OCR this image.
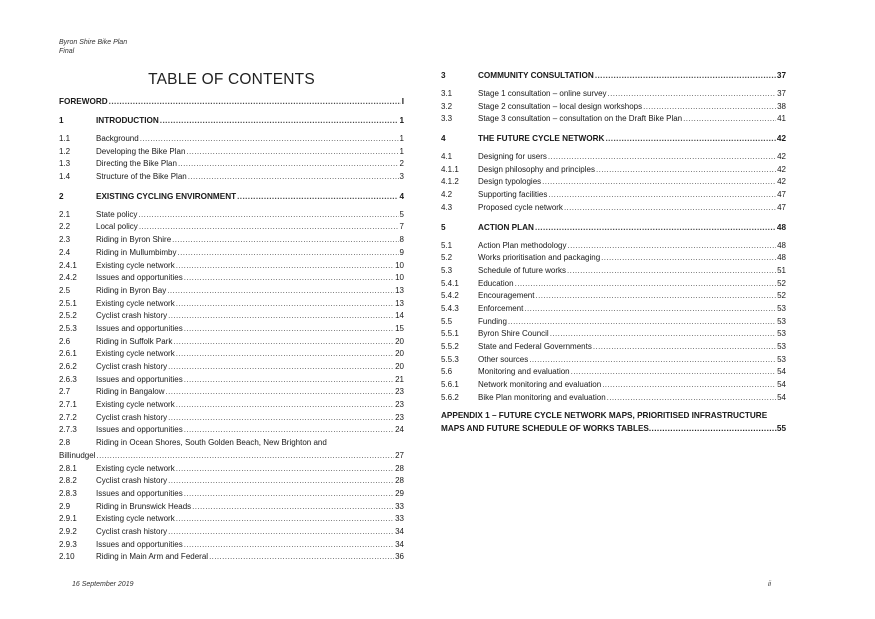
Byron Shire Bike Plan
Final
TABLE OF CONTENTS
FOREWORD .....	I
1	INTRODUCTION .....	1
1.1	Background .....	1
1.2	Developing the Bike Plan .....	1
1.3	Directing the Bike Plan .....	2
1.4	Structure of the Bike Plan .....	3
2	EXISTING CYCLING ENVIRONMENT .....	4
2.1	State policy .....	5
2.2	Local policy .....	7
2.3	Riding in Byron Shire .....	8
2.4	Riding in Mullumbimby .....	9
2.4.1 Existing cycle network .....	10
2.4.2 Issues and opportunities .....	10
2.5	Riding in Byron Bay .....	13
2.5.1 Existing cycle network .....	13
2.5.2 Cyclist crash history .....	14
2.5.3 Issues and opportunities .....	15
2.6	Riding in Suffolk Park .....	20
2.6.1 Existing cycle network .....	20
2.6.2 Cyclist crash history .....	20
2.6.3 Issues and opportunities .....	21
2.7	Riding in Bangalow .....	23
2.7.1 Existing cycle network .....	23
2.7.2 Cyclist crash history .....	23
2.7.3 Issues and opportunities .....	24
2.8	Riding in Ocean Shores, South Golden Beach, New Brighton and
Billinudgel .....	27
2.8.1 Existing cycle network .....	28
2.8.2 Cyclist crash history .....	28
2.8.3 Issues and opportunities .....	29
2.9	Riding in Brunswick Heads .....	33
2.9.1 Existing cycle network .....	33
2.9.2 Cyclist crash history .....	34
2.9.3 Issues and opportunities .....	34
2.10	Riding in Main Arm and Federal .....	36
3	COMMUNITY CONSULTATION .....	37
3.1	Stage 1 consultation – online survey .....	37
3.2	Stage 2 consultation – local design workshops .....	38
3.3	Stage 3 consultation – consultation on the Draft Bike Plan .....	41
4	THE FUTURE CYCLE NETWORK .....	42
4.1	Designing for users .....	42
4.1.1 Design philosophy and principles .....	42
4.1.2 Design typologies .....	42
4.2	Supporting facilities .....	47
4.3	Proposed cycle network .....	47
5	ACTION PLAN .....	48
5.1	Action Plan methodology .....	48
5.2	Works prioritisation and packaging .....	48
5.3	Schedule of future works .....	51
5.4.1 Education .....	52
5.4.2 Encouragement .....	52
5.4.3 Enforcement .....	53
5.5	Funding .....	53
5.5.1 Byron Shire Council .....	53
5.5.2 State and Federal Governments .....	53
5.5.3 Other sources .....	53
5.6	Monitoring and evaluation .....	54
5.6.1 Network monitoring and evaluation .....	54
5.6.2 Bike Plan monitoring and evaluation .....	54
APPENDIX 1 – FUTURE CYCLE NETWORK MAPS, PRIORITISED INFRASTRUCTURE
MAPS AND FUTURE SCHEDULE OF WORKS TABLES .....	55
16 September 2019	ii
